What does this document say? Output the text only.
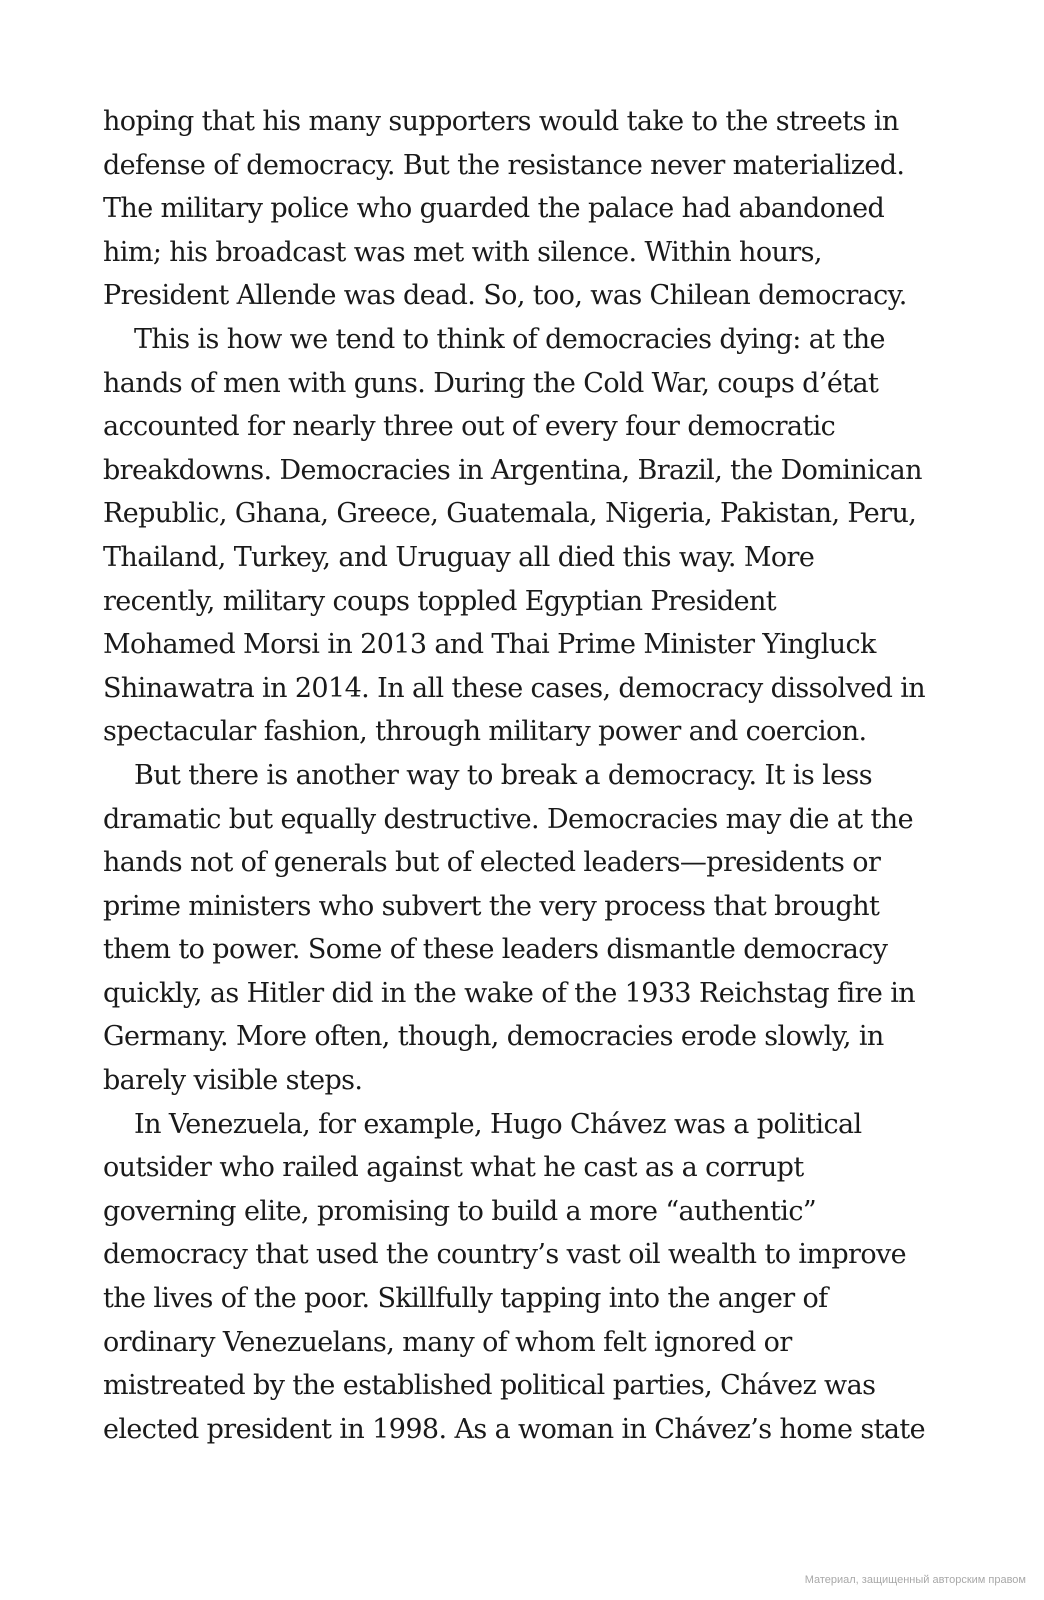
hoping that his many supporters would take to the streets in
defense of democracy. But the resistance never materialized.
The military police who guarded the palace had abandoned
him; his broadcast was met with silence. Within hours,
President Allende was dead. So, too, was Chilean democracy.
This is how we tend to think of democracies dying: at the
hands of men with guns. During the Cold War, coups d’état
accounted for nearly three out of every four democratic
breakdowns. Democracies in Argentina, Brazil, the Dominican
Republic, Ghana, Greece, Guatemala, Nigeria, Pakistan, Peru,
Thailand, Turkey, and Uruguay all died this way. More
recently, military coups toppled Egyptian President
Mohamed Morsi in 2013 and Thai Prime Minister Yingluck
Shinawatra in 2014. In all these cases, democracy dissolved in
spectacular fashion, through military power and coercion.
But there is another way to break a democracy. It is less
dramatic but equally destructive. Democracies may die at the
hands not of generals but of elected leaders—presidents or
prime ministers who subvert the very process that brought
them to power. Some of these leaders dismantle democracy
quickly, as Hitler did in the wake of the 1933 Reichstag fire in
Germany. More often, though, democracies erode slowly, in
barely visible steps.
In Venezuela, for example, Hugo Chávez was a political
outsider who railed against what he cast as a corrupt
governing elite, promising to build a more “authentic”
democracy that used the country’s vast oil wealth to improve
the lives of the poor. Skillfully tapping into the anger of
ordinary Venezuelans, many of whom felt ignored or
mistreated by the established political parties, Chávez was
elected president in 1998. As a woman in Chávez’s home state
Материал, защищенный авторским правом
